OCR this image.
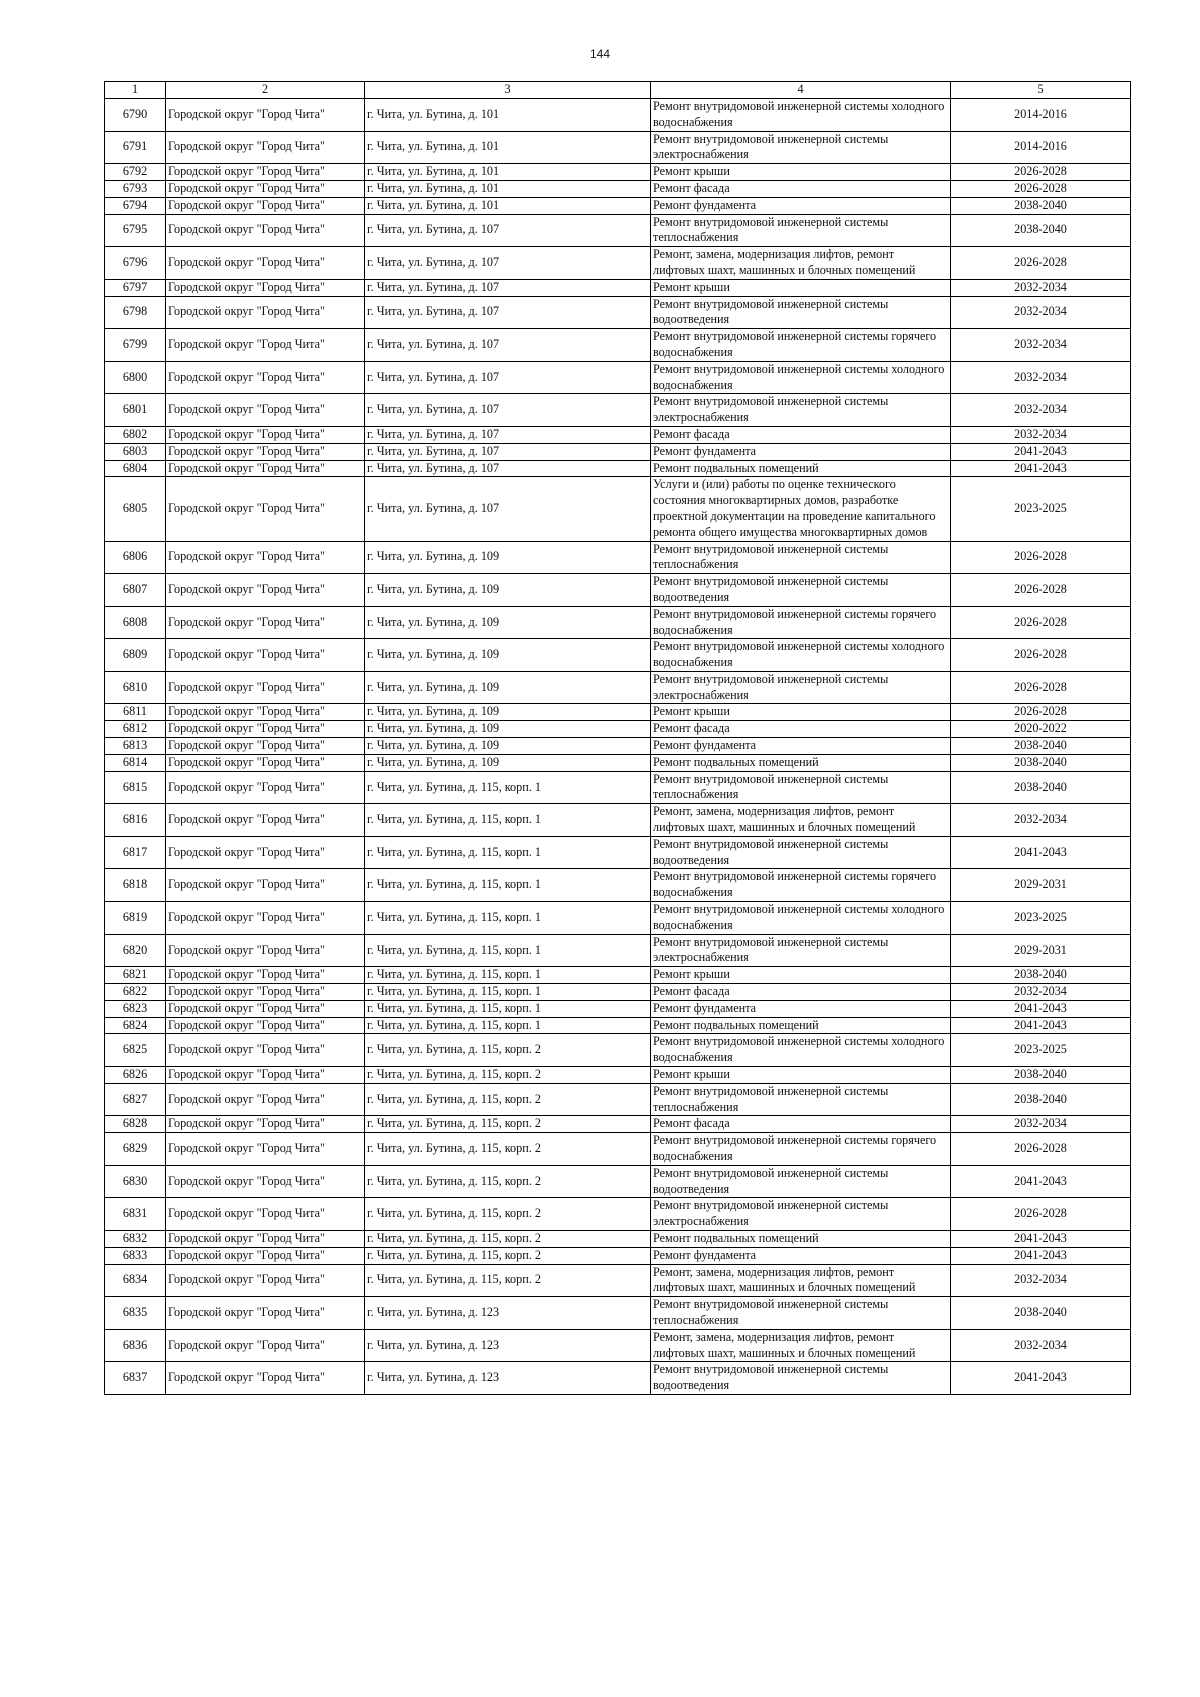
144
1	2	3	4	5
6790	Городской округ "Город Чита"	г. Чита, ул. Бутина, д. 101	Ремонт внутридомовой инженерной системы холодного водоснабжения	2014-2016
6791	Городской округ "Город Чита"	г. Чита, ул. Бутина, д. 101	Ремонт внутридомовой инженерной системы электроснабжения	2014-2016
6792	Городской округ "Город Чита"	г. Чита, ул. Бутина, д. 101	Ремонт крыши	2026-2028
6793	Городской округ "Город Чита"	г. Чита, ул. Бутина, д. 101	Ремонт фасада	2026-2028
6794	Городской округ "Город Чита"	г. Чита, ул. Бутина, д. 101	Ремонт фундамента	2038-2040
6795	Городской округ "Город Чита"	г. Чита, ул. Бутина, д. 107	Ремонт внутридомовой инженерной системы теплоснабжения	2038-2040
6796	Городской округ "Город Чита"	г. Чита, ул. Бутина, д. 107	Ремонт, замена, модернизация лифтов, ремонт лифтовых шахт, машинных и блочных помещений	2026-2028
6797	Городской округ "Город Чита"	г. Чита, ул. Бутина, д. 107	Ремонт крыши	2032-2034
6798	Городской округ "Город Чита"	г. Чита, ул. Бутина, д. 107	Ремонт внутридомовой инженерной системы водоотведения	2032-2034
6799	Городской округ "Город Чита"	г. Чита, ул. Бутина, д. 107	Ремонт внутридомовой инженерной системы горячего водоснабжения	2032-2034
6800	Городской округ "Город Чита"	г. Чита, ул. Бутина, д. 107	Ремонт внутридомовой инженерной системы холодного водоснабжения	2032-2034
6801	Городской округ "Город Чита"	г. Чита, ул. Бутина, д. 107	Ремонт внутридомовой инженерной системы электроснабжения	2032-2034
6802	Городской округ "Город Чита"	г. Чита, ул. Бутина, д. 107	Ремонт фасада	2032-2034
6803	Городской округ "Город Чита"	г. Чита, ул. Бутина, д. 107	Ремонт фундамента	2041-2043
6804	Городской округ "Город Чита"	г. Чита, ул. Бутина, д. 107	Ремонт подвальных помещений	2041-2043
6805	Городской округ "Город Чита"	г. Чита, ул. Бутина, д. 107	Услуги и (или) работы по оценке технического состояния многоквартирных домов, разработке проектной документации на проведение капитального ремонта общего имущества многоквартирных домов	2023-2025
6806	Городской округ "Город Чита"	г. Чита, ул. Бутина, д. 109	Ремонт внутридомовой инженерной системы теплоснабжения	2026-2028
6807	Городской округ "Город Чита"	г. Чита, ул. Бутина, д. 109	Ремонт внутридомовой инженерной системы водоотведения	2026-2028
6808	Городской округ "Город Чита"	г. Чита, ул. Бутина, д. 109	Ремонт внутридомовой инженерной системы горячего водоснабжения	2026-2028
6809	Городской округ "Город Чита"	г. Чита, ул. Бутина, д. 109	Ремонт внутридомовой инженерной системы холодного водоснабжения	2026-2028
6810	Городской округ "Город Чита"	г. Чита, ул. Бутина, д. 109	Ремонт внутридомовой инженерной системы электроснабжения	2026-2028
6811	Городской округ "Город Чита"	г. Чита, ул. Бутина, д. 109	Ремонт крыши	2026-2028
6812	Городской округ "Город Чита"	г. Чита, ул. Бутина, д. 109	Ремонт фасада	2020-2022
6813	Городской округ "Город Чита"	г. Чита, ул. Бутина, д. 109	Ремонт фундамента	2038-2040
6814	Городской округ "Город Чита"	г. Чита, ул. Бутина, д. 109	Ремонт подвальных помещений	2038-2040
6815	Городской округ "Город Чита"	г. Чита, ул. Бутина, д. 115, корп. 1	Ремонт внутридомовой инженерной системы теплоснабжения	2038-2040
6816	Городской округ "Город Чита"	г. Чита, ул. Бутина, д. 115, корп. 1	Ремонт, замена, модернизация лифтов, ремонт лифтовых шахт, машинных и блочных помещений	2032-2034
6817	Городской округ "Город Чита"	г. Чита, ул. Бутина, д. 115, корп. 1	Ремонт внутридомовой инженерной системы водоотведения	2041-2043
6818	Городской округ "Город Чита"	г. Чита, ул. Бутина, д. 115, корп. 1	Ремонт внутридомовой инженерной системы горячего водоснабжения	2029-2031
6819	Городской округ "Город Чита"	г. Чита, ул. Бутина, д. 115, корп. 1	Ремонт внутридомовой инженерной системы холодного водоснабжения	2023-2025
6820	Городской округ "Город Чита"	г. Чита, ул. Бутина, д. 115, корп. 1	Ремонт внутридомовой инженерной системы электроснабжения	2029-2031
6821	Городской округ "Город Чита"	г. Чита, ул. Бутина, д. 115, корп. 1	Ремонт крыши	2038-2040
6822	Городской округ "Город Чита"	г. Чита, ул. Бутина, д. 115, корп. 1	Ремонт фасада	2032-2034
6823	Городской округ "Город Чита"	г. Чита, ул. Бутина, д. 115, корп. 1	Ремонт фундамента	2041-2043
6824	Городской округ "Город Чита"	г. Чита, ул. Бутина, д. 115, корп. 1	Ремонт подвальных помещений	2041-2043
6825	Городской округ "Город Чита"	г. Чита, ул. Бутина, д. 115, корп. 2	Ремонт внутридомовой инженерной системы холодного водоснабжения	2023-2025
6826	Городской округ "Город Чита"	г. Чита, ул. Бутина, д. 115, корп. 2	Ремонт крыши	2038-2040
6827	Городской округ "Город Чита"	г. Чита, ул. Бутина, д. 115, корп. 2	Ремонт внутридомовой инженерной системы теплоснабжения	2038-2040
6828	Городской округ "Город Чита"	г. Чита, ул. Бутина, д. 115, корп. 2	Ремонт фасада	2032-2034
6829	Городской округ "Город Чита"	г. Чита, ул. Бутина, д. 115, корп. 2	Ремонт внутридомовой инженерной системы горячего водоснабжения	2026-2028
6830	Городской округ "Город Чита"	г. Чита, ул. Бутина, д. 115, корп. 2	Ремонт внутридомовой инженерной системы водоотведения	2041-2043
6831	Городской округ "Город Чита"	г. Чита, ул. Бутина, д. 115, корп. 2	Ремонт внутридомовой инженерной системы электроснабжения	2026-2028
6832	Городской округ "Город Чита"	г. Чита, ул. Бутина, д. 115, корп. 2	Ремонт подвальных помещений	2041-2043
6833	Городской округ "Город Чита"	г. Чита, ул. Бутина, д. 115, корп. 2	Ремонт фундамента	2041-2043
6834	Городской округ "Город Чита"	г. Чита, ул. Бутина, д. 115, корп. 2	Ремонт, замена, модернизация лифтов, ремонт лифтовых шахт, машинных и блочных помещений	2032-2034
6835	Городской округ "Город Чита"	г. Чита, ул. Бутина, д. 123	Ремонт внутридомовой инженерной системы теплоснабжения	2038-2040
6836	Городской округ "Город Чита"	г. Чита, ул. Бутина, д. 123	Ремонт, замена, модернизация лифтов, ремонт лифтовых шахт, машинных и блочных помещений	2032-2034
6837	Городской округ "Город Чита"	г. Чита, ул. Бутина, д. 123	Ремонт внутридомовой инженерной системы водоотведения	2041-2043
